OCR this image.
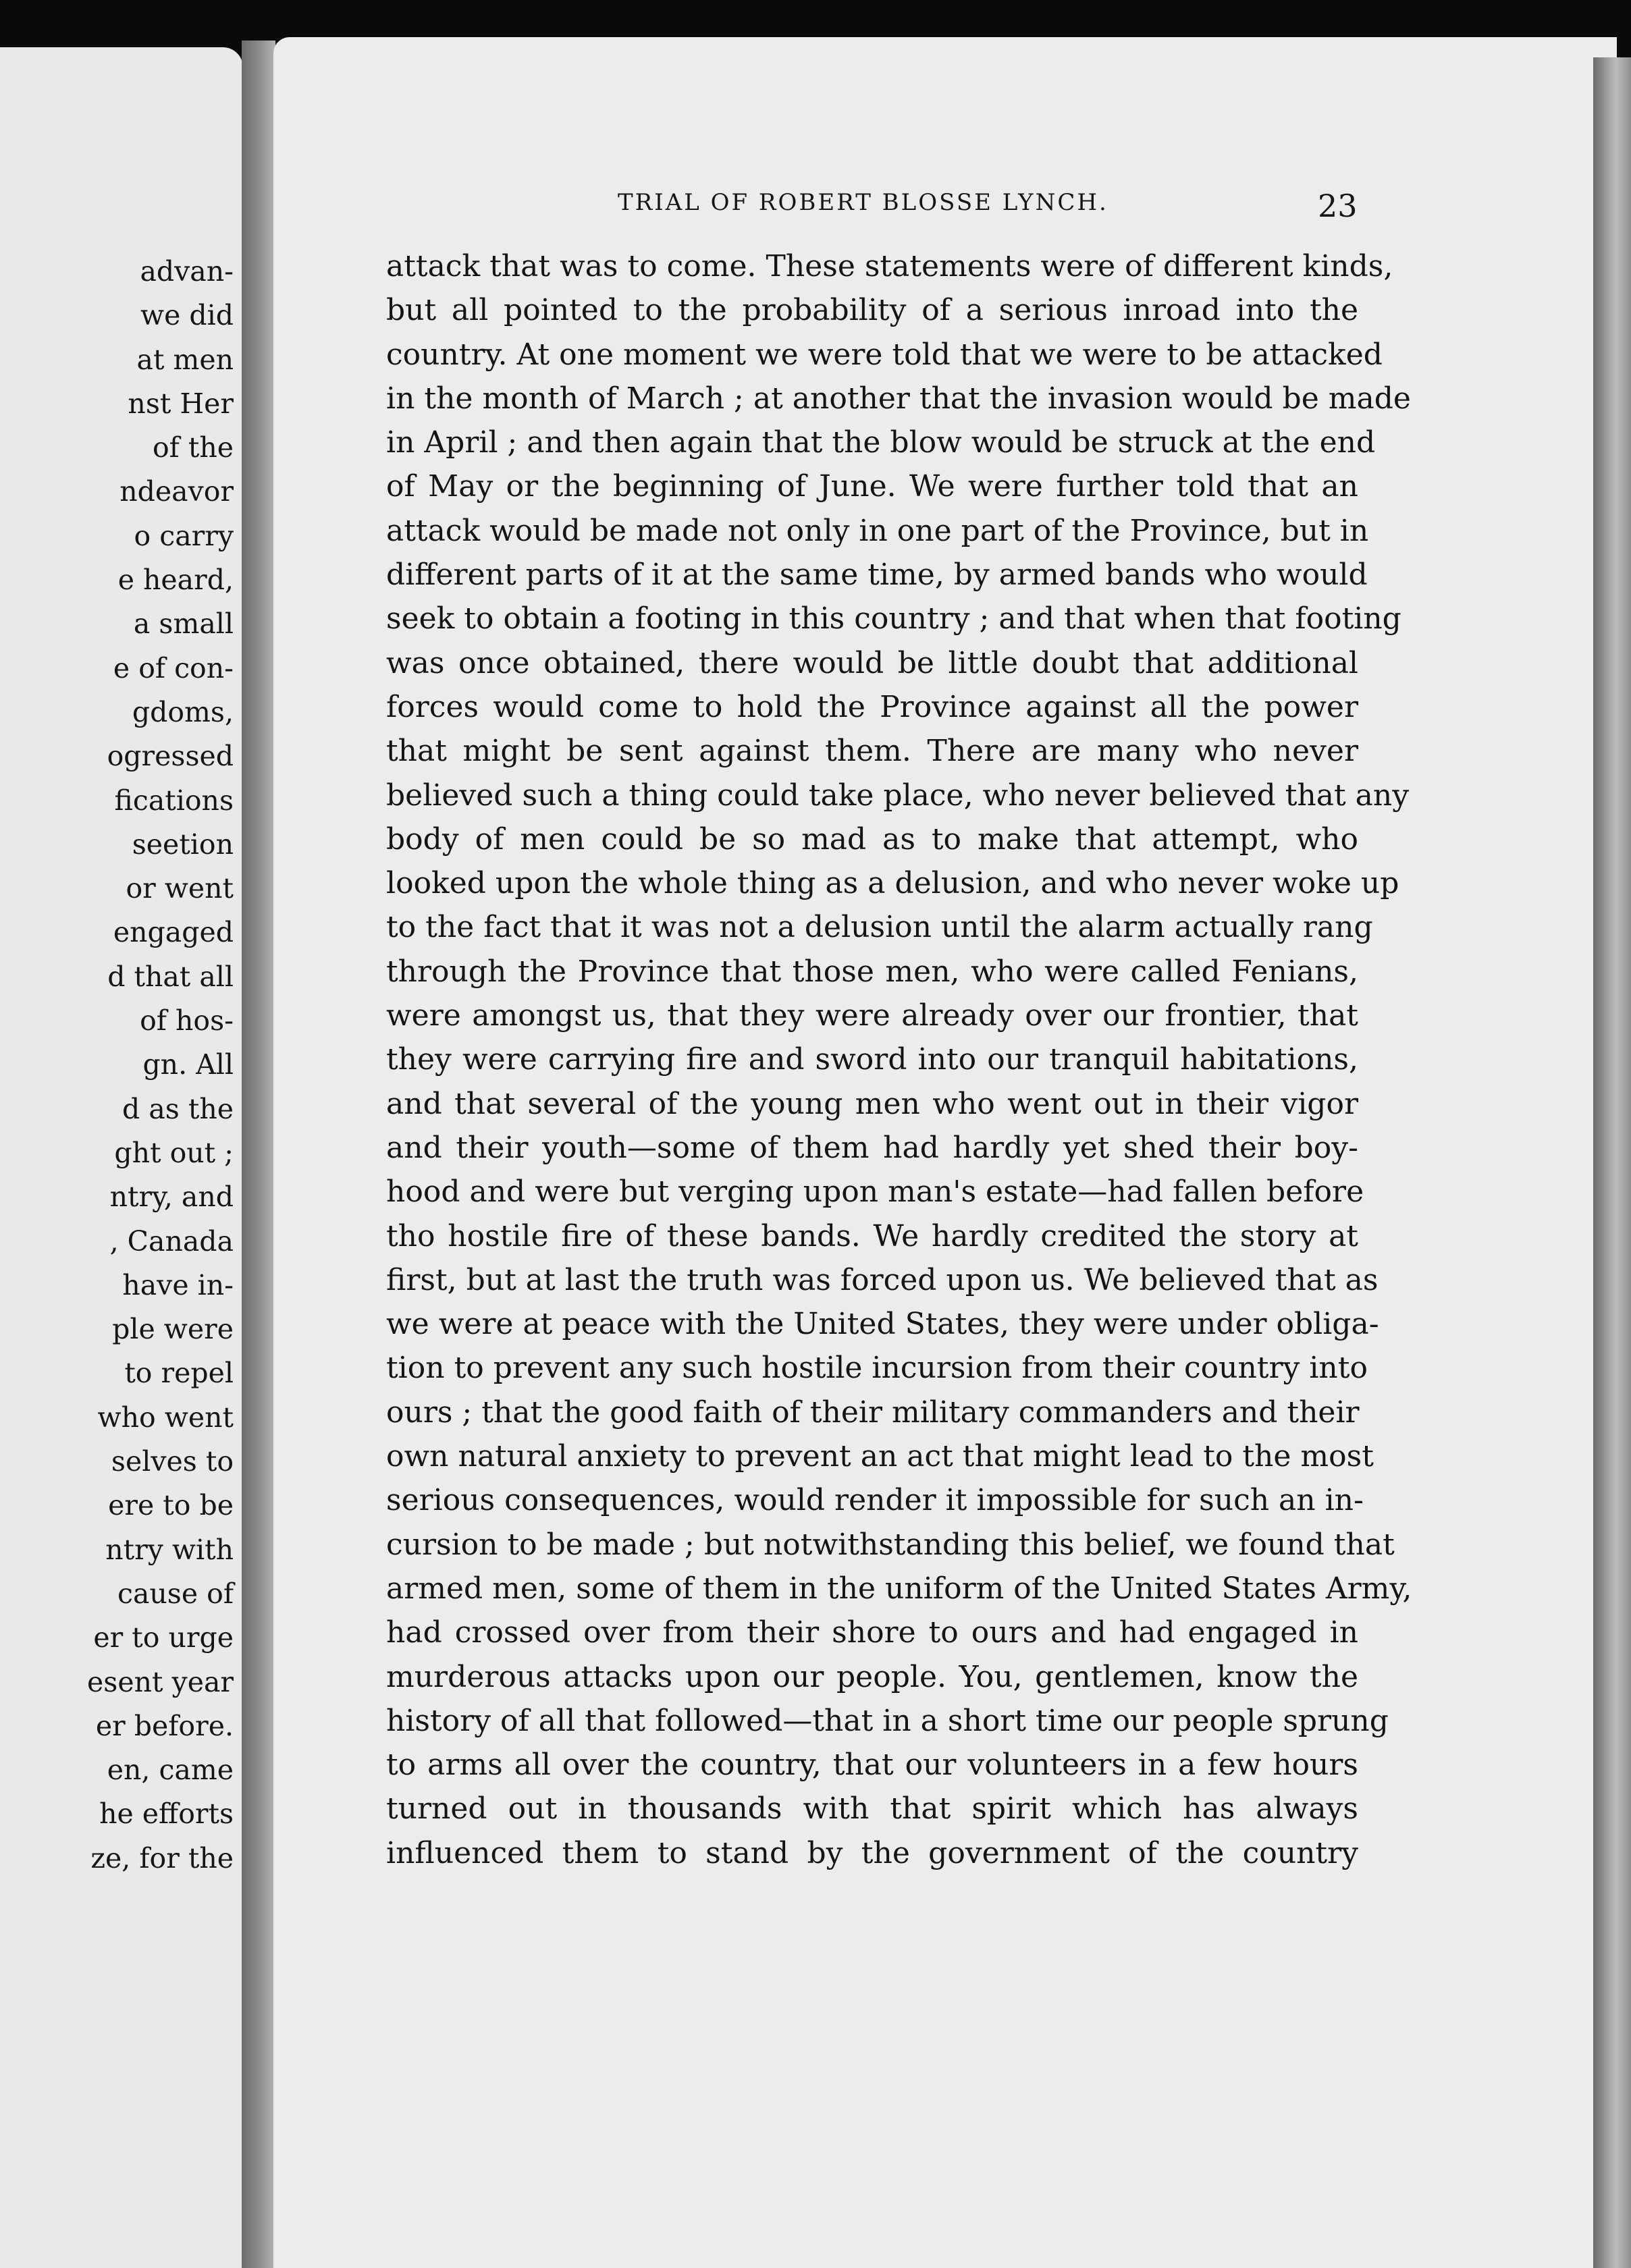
advan-
we did
at men
nst Her
of the
ndeavor
o carry
e heard,
a small
e of con-
gdoms,
ogressed
fications
seetion
or went
engaged
d that all
of hos-
gn. All
d as the
ght out ;
ntry, and
, Canada
have in-
ple were
to repel
who went
selves to
ere to be
ntry with
cause of
er to urge
esent year
er before.
en, came
he efforts
ze, for the
TRIAL OF ROBERT BLOSSE LYNCH.	23
attack that was to come. These statements were of different kinds,
but all pointed to the probability of a serious inroad into the
country. At one moment we were told that we were to be attacked
in the month of March ; at another that the invasion would be made
in April ; and then again that the blow would be struck at the end
of May or the beginning of June. We were further told that an
attack would be made not only in one part of the Province, but in
different parts of it at the same time, by armed bands who would
seek to obtain a footing in this country ; and that when that footing
was once obtained, there would be little doubt that additional
forces would come to hold the Province against all the power
that might be sent against them. There are many who never
believed such a thing could take place, who never believed that any
body of men could be so mad as to make that attempt, who
looked upon the whole thing as a delusion, and who never woke up
to the fact that it was not a delusion until the alarm actually rang
through the Province that those men, who were called Fenians,
were amongst us, that they were already over our frontier, that
they were carrying fire and sword into our tranquil habitations,
and that several of the young men who went out in their vigor
and their youth—some of them had hardly yet shed their boy-
hood and were but verging upon man's estate—had fallen before
tho hostile fire of these bands. We hardly credited the story at
first, but at last the truth was forced upon us. We believed that as
we were at peace with the United States, they were under obliga-
tion to prevent any such hostile incursion from their country into
ours ; that the good faith of their military commanders and their
own natural anxiety to prevent an act that might lead to the most
serious consequences, would render it impossible for such an in-
cursion to be made ; but notwithstanding this belief, we found that
armed men, some of them in the uniform of the United States Army,
had crossed over from their shore to ours and had engaged in
murderous attacks upon our people. You, gentlemen, know the
history of all that followed—that in a short time our people sprung
to arms all over the country, that our volunteers in a few hours
turned out in thousands with that spirit which has always
influenced them to stand by the government of the country
